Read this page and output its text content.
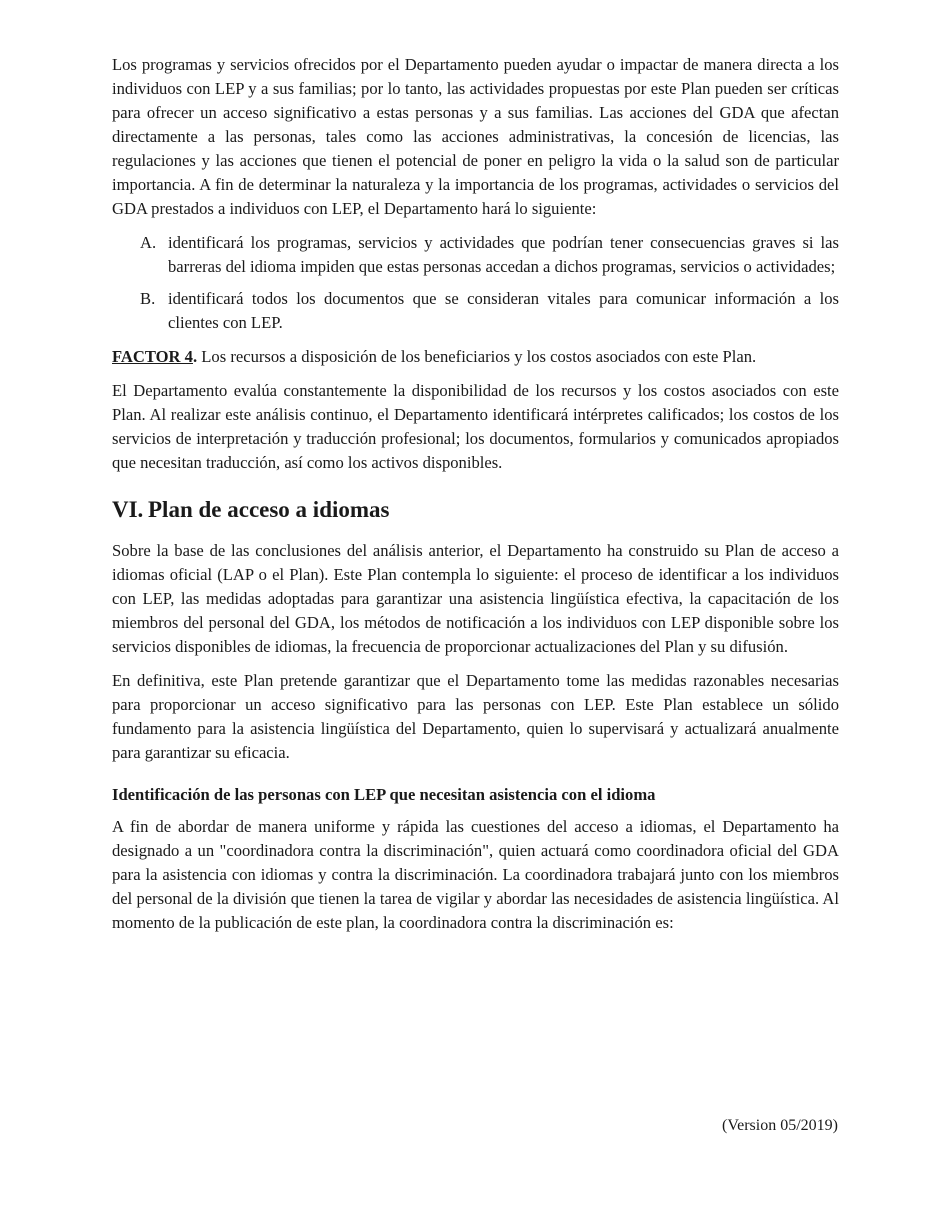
Los programas y servicios ofrecidos por el Departamento pueden ayudar o impactar de manera directa a los individuos con LEP y a sus familias; por lo tanto, las actividades propuestas por este Plan pueden ser críticas para ofrecer un acceso significativo a estas personas y a sus familias. Las acciones del GDA que afectan directamente a las personas, tales como las acciones administrativas, la concesión de licencias, las regulaciones y las acciones que tienen el potencial de poner en peligro la vida o la salud son de particular importancia. A fin de determinar la naturaleza y la importancia de los programas, actividades o servicios del GDA prestados a individuos con LEP, el Departamento hará lo siguiente:

A. identificará los programas, servicios y actividades que podrían tener consecuencias graves si las barreras del idioma impiden que estas personas accedan a dichos programas, servicios o actividades;
B. identificará todos los documentos que se consideran vitales para comunicar información a los clientes con LEP.

FACTOR 4. Los recursos a disposición de los beneficiarios y los costos asociados con este Plan.

El Departamento evalúa constantemente la disponibilidad de los recursos y los costos asociados con este Plan. Al realizar este análisis continuo, el Departamento identificará intérpretes calificados; los costos de los servicios de interpretación y traducción profesional; los documentos, formularios y comunicados apropiados que necesitan traducción, así como los activos disponibles.

VI. Plan de acceso a idiomas

Sobre la base de las conclusiones del análisis anterior, el Departamento ha construido su Plan de acceso a idiomas oficial (LAP o el Plan). Este Plan contempla lo siguiente: el proceso de identificar a los individuos con LEP, las medidas adoptadas para garantizar una asistencia lingüística efectiva, la capacitación de los miembros del personal del GDA, los métodos de notificación a los individuos con LEP disponible sobre los servicios disponibles de idiomas, la frecuencia de proporcionar actualizaciones del Plan y su difusión.

En definitiva, este Plan pretende garantizar que el Departamento tome las medidas razonables necesarias para proporcionar un acceso significativo para las personas con LEP. Este Plan establece un sólido fundamento para la asistencia lingüística del Departamento, quien lo supervisará y actualizará anualmente para garantizar su eficacia.

Identificación de las personas con LEP que necesitan asistencia con el idioma

A fin de abordar de manera uniforme y rápida las cuestiones del acceso a idiomas, el Departamento ha designado a un "coordinadora contra la discriminación", quien actuará como coordinadora oficial del GDA para la asistencia con idiomas y contra la discriminación. La coordinadora trabajará junto con los miembros del personal de la división que tienen la tarea de vigilar y abordar las necesidades de asistencia lingüística. Al momento de la publicación de este plan, la coordinadora contra la discriminación es:

(Version 05/2019)
